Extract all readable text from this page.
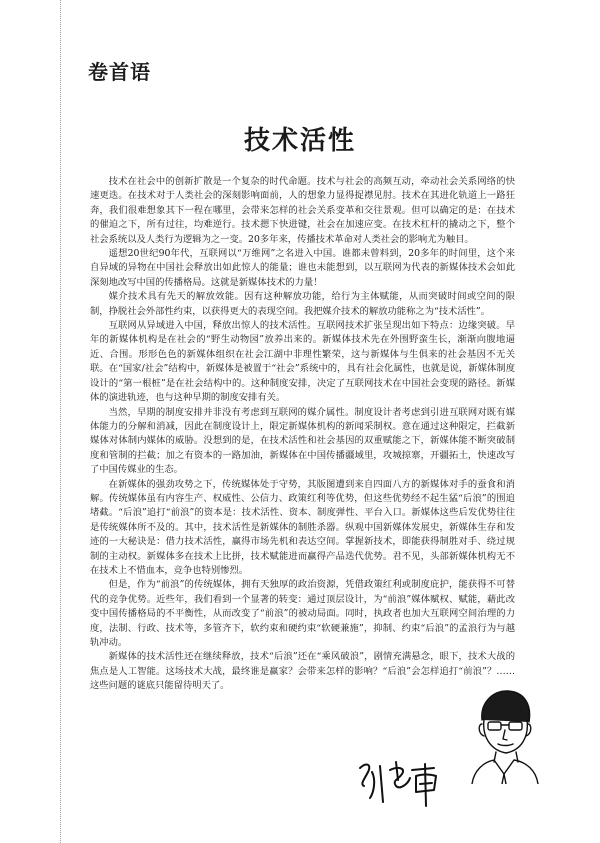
卷首语
技术活性

技术在社会中的创新扩散是一个复杂的时代命题。技术与社会的高频互动，牵动社会关系网络的快速更迭。在技术对于人类社会的深刻影响面前，人的想象力显得捉襟见肘。技术在其进化轨道上一路狂奔，我们很难想象其下一程在哪里，会带来怎样的社会关系变革和交往景观。但可以确定的是：在技术的催迫之下，所有过往，均难逆行。技术摁下快进键，社会在加速应变。在技术杠杆的撬动之下，整个社会系统以及人类行为逻辑为之一变。20多年来，传播技术革命对人类社会的影响尤为触目。

遥想20世纪90年代，互联网以“万维网”之名进入中国。谁都未曾料到，20多年的时间里，这个来自异域的异物在中国社会释放出如此惊人的能量；谁也未能想到，以互联网为代表的新媒体技术会如此深刻地改写中国的传播格局。这就是新媒体技术的力量！

媒介技术具有先天的解放效能。因有这种解放功能，给行为主体赋能，从而突破时间或空间的限制，挣脱社会外部性约束，以获得更大的表现空间。我把媒介技术的解放功能称之为“技术活性”。

互联网从异域进入中国，释放出惊人的技术活性。互联网技术扩张呈现出如下特点：边缘突破。早年的新媒体机构是在社会的“野生动物园”放养出来的。新媒体技术先在外围野蛮生长，渐渐向腹地逼近、合围。形形色色的新媒体组织在社会江湖中非理性繁荣，这与新媒体与生俱来的社会基因不无关联。在“国家/社会”结构中，新媒体是被置于“社会”系统中的，具有社会化属性，也就是说，新媒体制度设计的“第一根桩”是在社会结构中的。这种制度安排，决定了互联网技术在中国社会变现的路径。新媒体的演进轨迹，也与这种早期的制度安排有关。

当然，早期的制度安排并非没有考虑到互联网的媒介属性。制度设计者考虑到引进互联网对既有媒体能力的分解和消减，因此在制度设计上，限定新媒体机构的新闻采制权。意在通过这种限定，拦截新媒体对体制内媒体的威胁。没想到的是，在技术活性和社会基因的双重赋能之下，新媒体能不断突破制度和管制的拦截；加之有资本的一路加油，新媒体在中国传播疆域里，攻城掠寨，开疆拓土，快速改写了中国传媒业的生态。

在新媒体的强劲攻势之下，传统媒体处于守势，其版图遭到来自四面八方的新媒体对手的蚕食和消解。传统媒体虽有内容生产、权威性、公信力、政策红利等优势，但这些优势经不起生猛“后浪”的围追堵截。“后浪”追打“前浪”的资本是：技术活性、资本、制度弹性、平台入口。新媒体这些后发优势往往是传统媒体所不及的。其中，技术活性是新媒体的制胜杀器。纵观中国新媒体发展史，新媒体生存和发迹的一大秘诀是：借力技术活性，赢得市场先机和表达空间。掌握新技术，即能获得制胜对手、绕过规制的主动权。新媒体多在技术上比拼，技术赋能进而赢得产品迭代优势。君不见，头部新媒体机构无不在技术上不惜血本，竞争也特别惨烈。

但是，作为“前浪”的传统媒体，拥有天独厚的政治资源，凭借政策红利或制度庇护，能获得不可替代的竞争优势。近些年，我们看到一个显著的转变：通过顶层设计，为“前浪”媒体赋权、赋能，藉此改变中国传播格局的不平衡性，从而改变了“前浪”的被动局面。同时，执政者也加大互联网空间治理的力度，法制、行政、技术等，多管齐下，软约束和硬约束“软硬兼施”，抑制、约束“后浪”的孟浪行为与越轨冲动。

新媒体的技术活性还在继续释放，技术“后浪”还在“乘风破浪”，剧情充满悬念，眼下，技术大战的焦点是人工智能。这场技术大战，最终谁是赢家？会带来怎样的影响？“后浪”会怎样追打“前浪”？……这些问题的谜底只能留待明天了。
